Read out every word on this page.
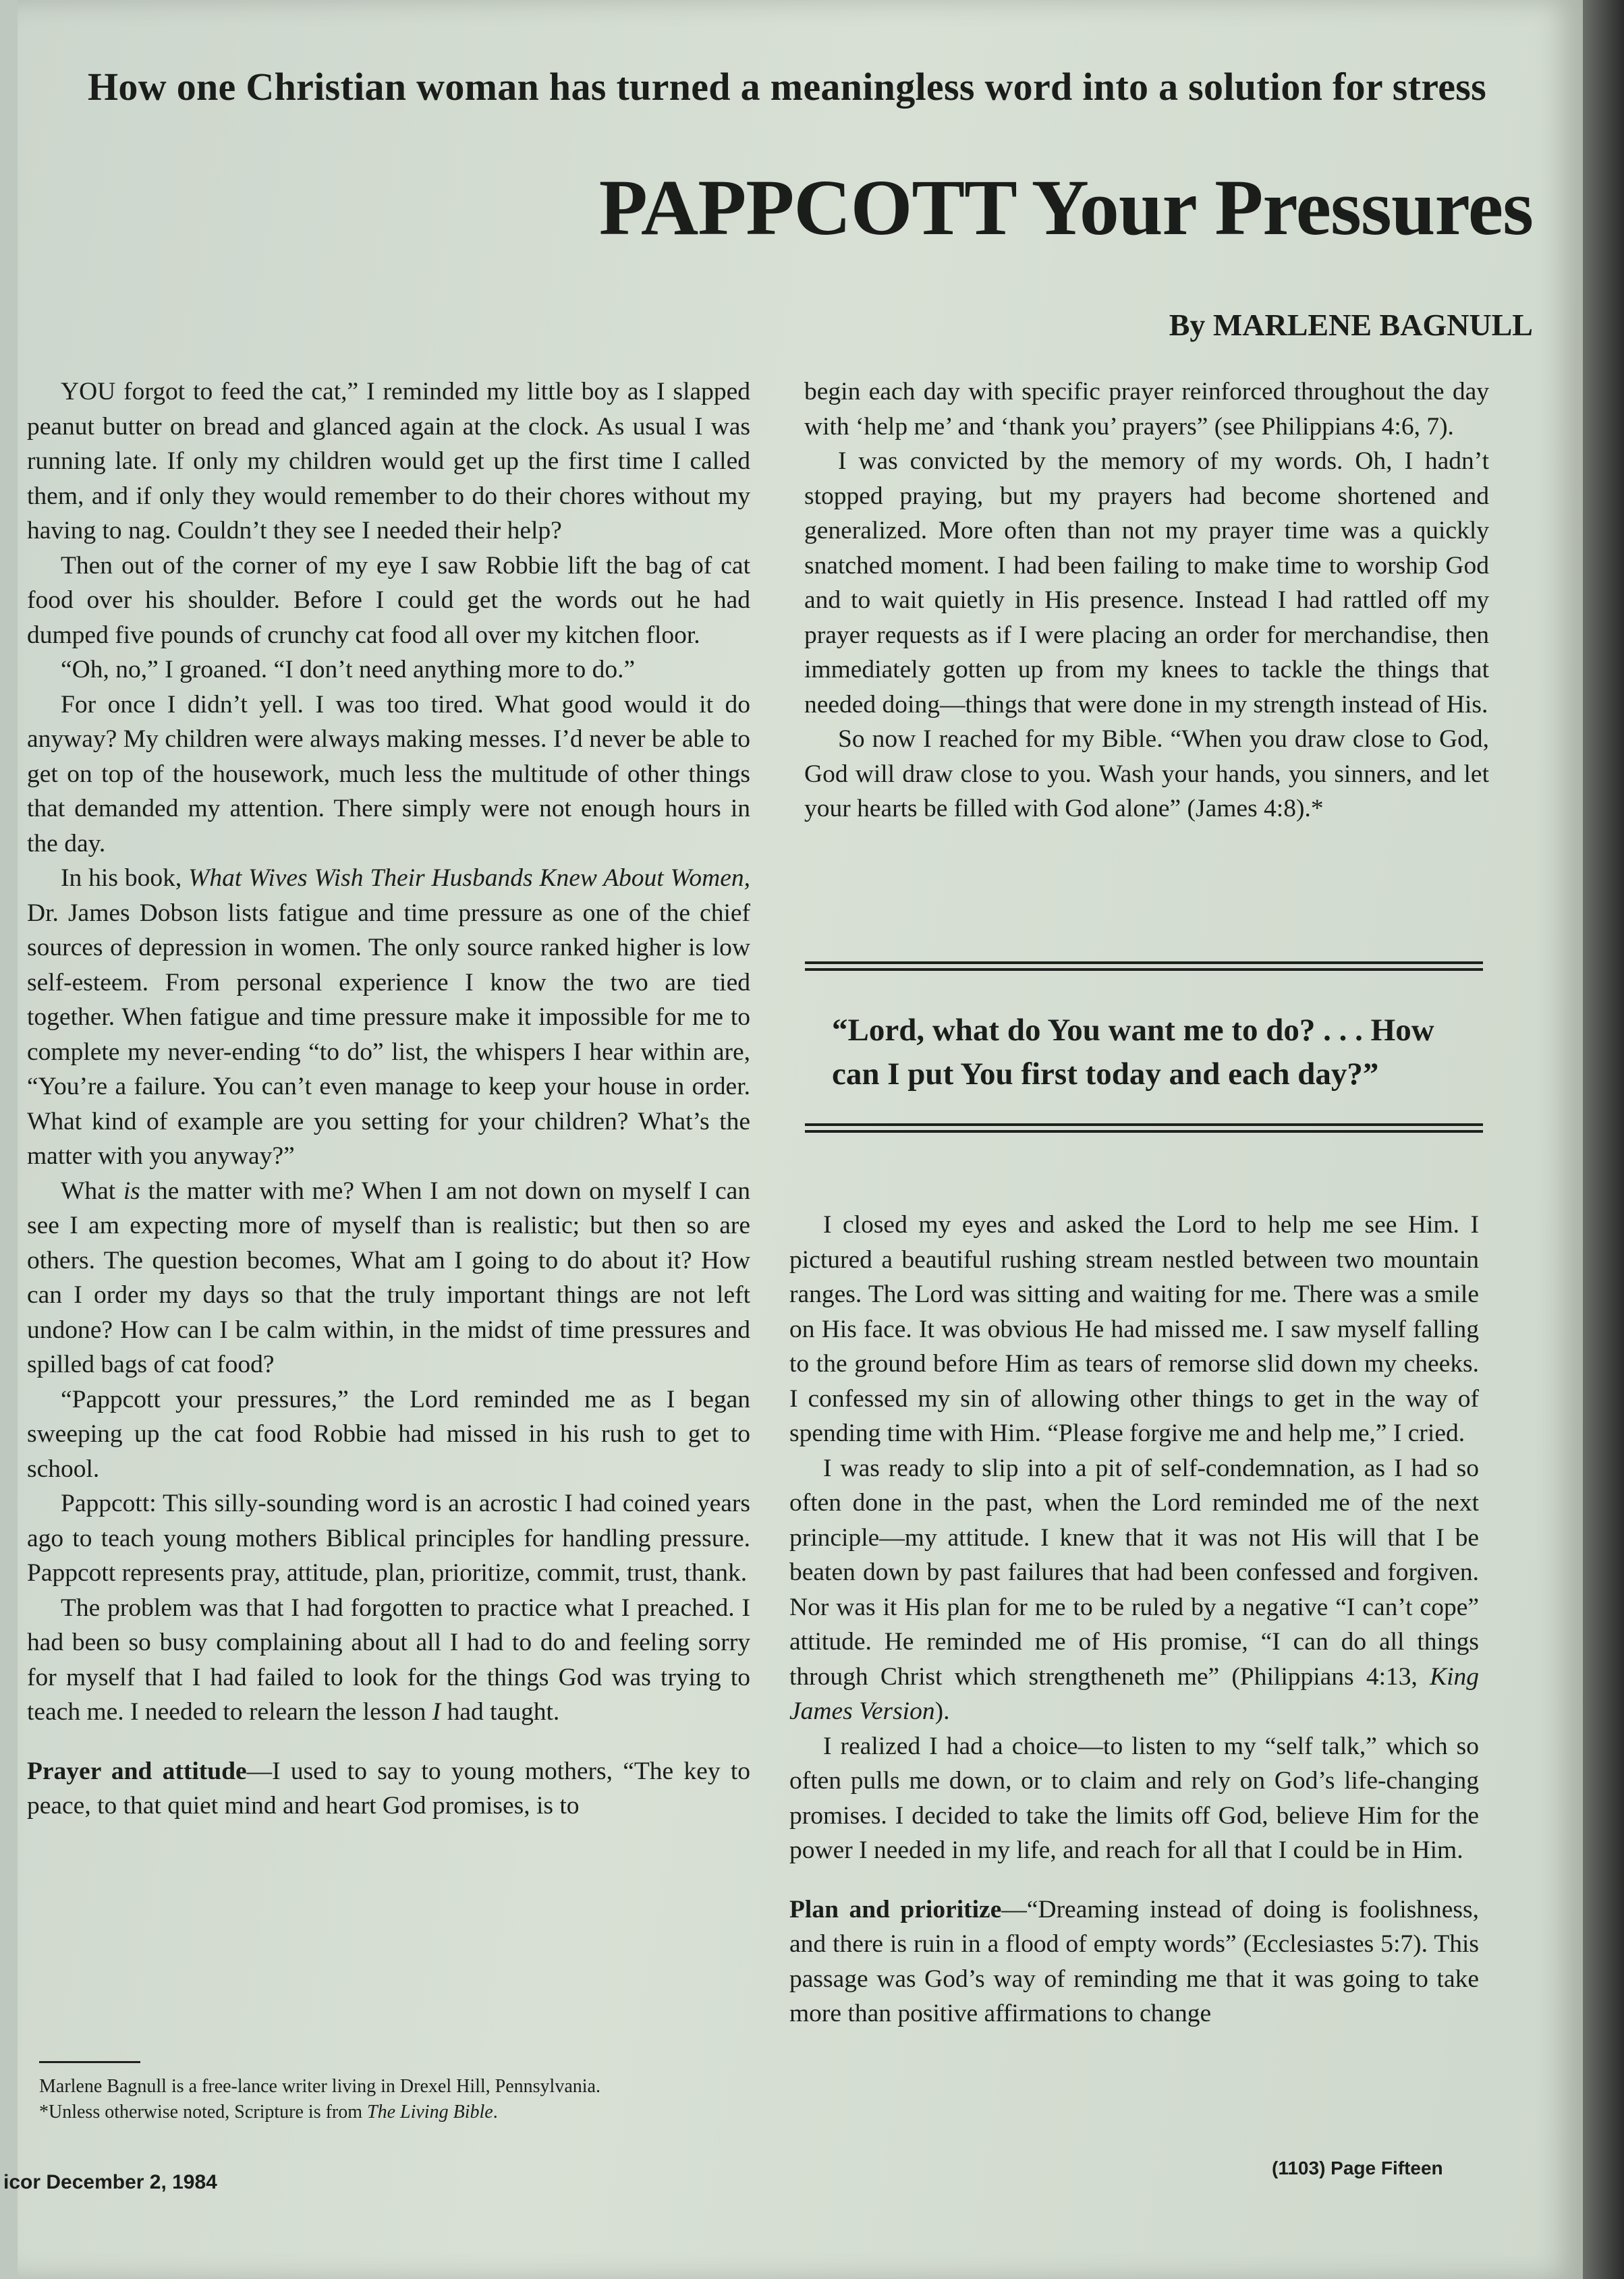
How one Christian woman has turned a meaningless word into a solution for stress
PAPPCOTT Your Pressures
By MARLENE BAGNULL

YOU forgot to feed the cat,” I reminded my little boy as I slapped peanut butter on bread and glanced again at the clock. As usual I was running late. If only my children would get up the first time I called them, and if only they would remember to do their chores without my having to nag. Couldn’t they see I needed their help?

Then out of the corner of my eye I saw Robbie lift the bag of cat food over his shoulder. Before I could get the words out he had dumped five pounds of crunchy cat food all over my kitchen floor.

“Oh, no,” I groaned. “I don’t need anything more to do.”

For once I didn’t yell. I was too tired. What good would it do anyway? My children were always making messes. I’d never be able to get on top of the housework, much less the multitude of other things that demanded my attention. There simply were not enough hours in the day.

In his book, What Wives Wish Their Husbands Knew About Women, Dr. James Dobson lists fatigue and time pressure as one of the chief sources of depression in women. The only source ranked higher is low self-esteem. From personal experience I know the two are tied together. When fatigue and time pressure make it impossible for me to complete my never-ending “to do” list, the whispers I hear within are, “You’re a failure. You can’t even manage to keep your house in order. What kind of example are you setting for your children? What’s the matter with you anyway?”

What is the matter with me? When I am not down on myself I can see I am expecting more of myself than is realistic; but then so are others. The question becomes, What am I going to do about it? How can I order my days so that the truly important things are not left undone? How can I be calm within, in the midst of time pressures and spilled bags of cat food?

“Pappcott your pressures,” the Lord reminded me as I began sweeping up the cat food Robbie had missed in his rush to get to school.

Pappcott: This silly-sounding word is an acrostic I had coined years ago to teach young mothers Biblical principles for handling pressure. Pappcott represents pray, attitude, plan, prioritize, commit, trust, thank.

The problem was that I had forgotten to practice what I preached. I had been so busy complaining about all I had to do and feeling sorry for myself that I had failed to look for the things God was trying to teach me. I needed to relearn the lesson I had taught.

Prayer and attitude—I used to say to young mothers, “The key to peace, to that quiet mind and heart God promises, is to

begin each day with specific prayer reinforced throughout the day with ‘help me’ and ‘thank you’ prayers” (see Philippians 4:6, 7).

I was convicted by the memory of my words. Oh, I hadn’t stopped praying, but my prayers had become shortened and generalized. More often than not my prayer time was a quickly snatched moment. I had been failing to make time to worship God and to wait quietly in His presence. Instead I had rattled off my prayer requests as if I were placing an order for merchandise, then immediately gotten up from my knees to tackle the things that needed doing—things that were done in my strength instead of His.

So now I reached for my Bible. “When you draw close to God, God will draw close to you. Wash your hands, you sinners, and let your hearts be filled with God alone” (James 4:8).*

“Lord, what do You want me to do? . . . How can I put You first today and each day?”

I closed my eyes and asked the Lord to help me see Him. I pictured a beautiful rushing stream nestled between two mountain ranges. The Lord was sitting and waiting for me. There was a smile on His face. It was obvious He had missed me. I saw myself falling to the ground before Him as tears of remorse slid down my cheeks. I confessed my sin of allowing other things to get in the way of spending time with Him. “Please forgive me and help me,” I cried.

I was ready to slip into a pit of self-condemnation, as I had so often done in the past, when the Lord reminded me of the next principle—my attitude. I knew that it was not His will that I be beaten down by past failures that had been confessed and forgiven. Nor was it His plan for me to be ruled by a negative “I can’t cope” attitude. He reminded me of His promise, “I can do all things through Christ which strengtheneth me” (Philippians 4:13, King James Version).

I realized I had a choice—to listen to my “self talk,” which so often pulls me down, or to claim and rely on God’s life-changing promises. I decided to take the limits off God, believe Him for the power I needed in my life, and reach for all that I could be in Him.

Plan and prioritize—“Dreaming instead of doing is foolishness, and there is ruin in a flood of empty words” (Ecclesiastes 5:7). This passage was God’s way of reminding me that it was going to take more than positive affirmations to change

Marlene Bagnull is a free-lance writer living in Drexel Hill, Pennsylvania.
*Unless otherwise noted, Scripture is from The Living Bible.
icor December 2, 1984
(1103) Page Fifteen
